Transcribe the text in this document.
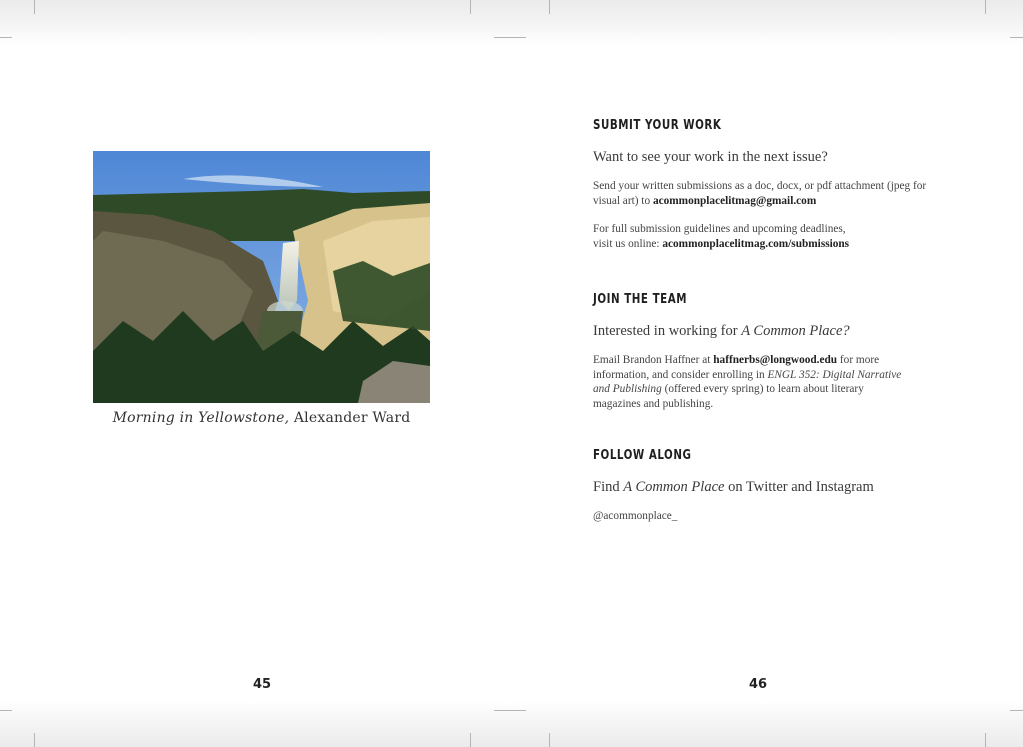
Morning in Yellowstone, Alexander Ward
45
SUBMIT YOUR WORK

Want to see your work in the next issue?

Send your written submissions as a doc, docx, or pdf attachment (jpeg for visual art) to acommonplacelitmag@gmail.com

For full submission guidelines and upcoming deadlines,
visit us online: acommonplacelitmag.com/submissions

JOIN THE TEAM

Interested in working for A Common Place?

Email Brandon Haffner at haffnerbs@longwood.edu for more information, and consider enrolling in ENGL 352: Digital Narrative and Publishing (offered every spring) to learn about literary magazines and publishing.

FOLLOW ALONG

Find A Common Place on Twitter and Instagram

@acommonplace_

46
